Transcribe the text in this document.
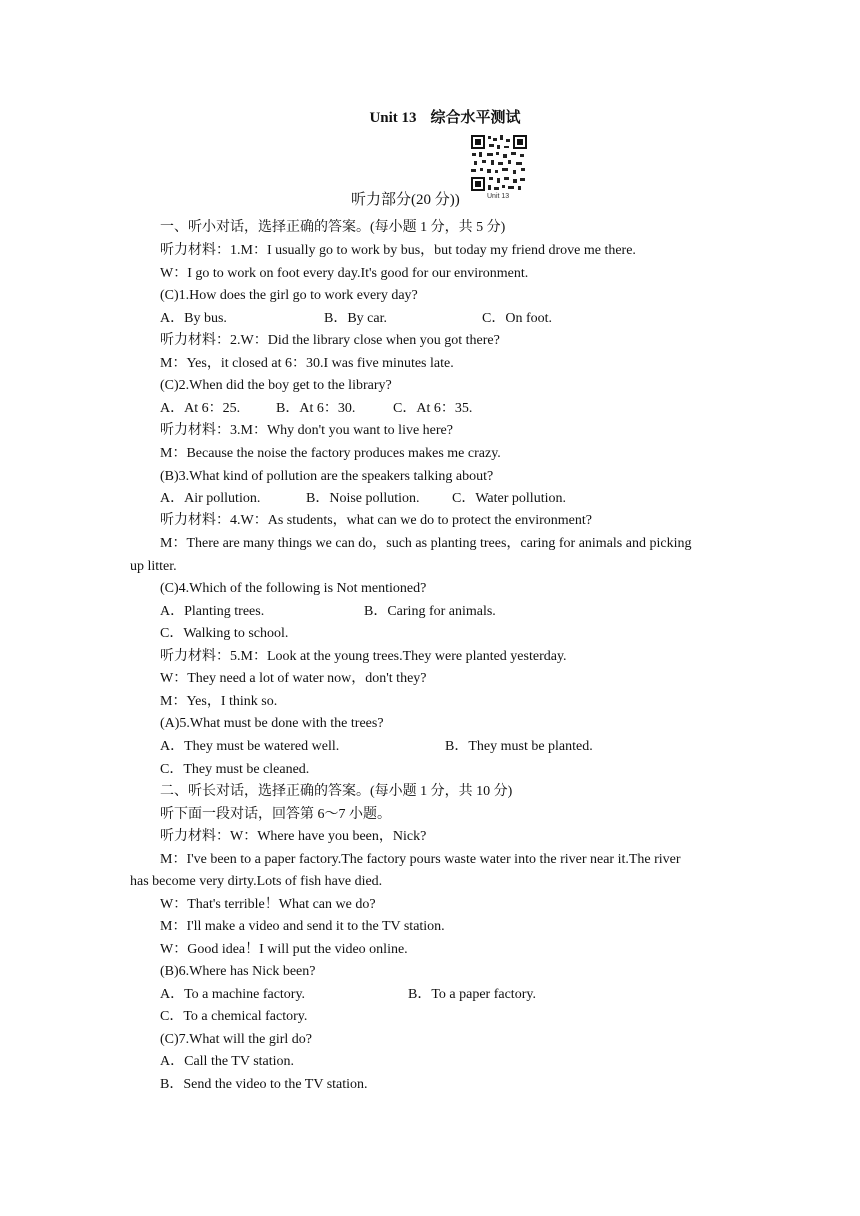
Unit 13 综合水平测试
Unit 13
听力部分(20 分))
一、听小对话，选择正确的答案。(每小题 1 分，共 5 分)
听力材料：1.M：I usually go to work by bus，but today my friend drove me there.
W：I go to work on foot every day.It's good for our environment.
(C)1.How does the girl go to work every day?
A．By bus.	B．By car.	C．On foot.
听力材料：2.W：Did the library close when you got there?
M：Yes，it closed at 6：30.I was five minutes late.
(C)2.When did the boy get to the library?
A．At 6：25.	B．At 6：30.	C．At 6：35.
听力材料：3.M：Why don't you want to live here?
M：Because the noise the factory produces makes me crazy.
(B)3.What kind of pollution are the speakers talking about?
A．Air pollution.	B．Noise pollution. C．Water pollution.
听力材料：4.W：As students，what can we do to protect the environment?
M：There are many things we can do，such as planting trees，caring for animals and picking
up litter.
(C)4.Which of the following is Not mentioned?
A．Planting trees.	B．Caring for animals.
C．Walking to school.
听力材料：5.M：Look at the young trees.They were planted yesterday.
W：They need a lot of water now，don't they?
M：Yes，I think so.
(A)5.What must be done with the trees?
A．They must be watered well.	B．They must be planted.
C．They must be cleaned.
二、听长对话，选择正确的答案。(每小题 1 分，共 10 分)
听下面一段对话，回答第 6～7 小题。
听力材料：W：Where have you been，Nick?
M：I've been to a paper factory.The factory pours waste water into the river near it.The river
has become very dirty.Lots of fish have died.
W：That's terrible！What can we do?
M：I'll make a video and send it to the TV station.
W：Good idea！I will put the video online.
(B)6.Where has Nick been?
A．To a machine factory.	B．To a paper factory.
C．To a chemical factory.
(C)7.What will the girl do?
A．Call the TV station.
B．Send the video to the TV station.
